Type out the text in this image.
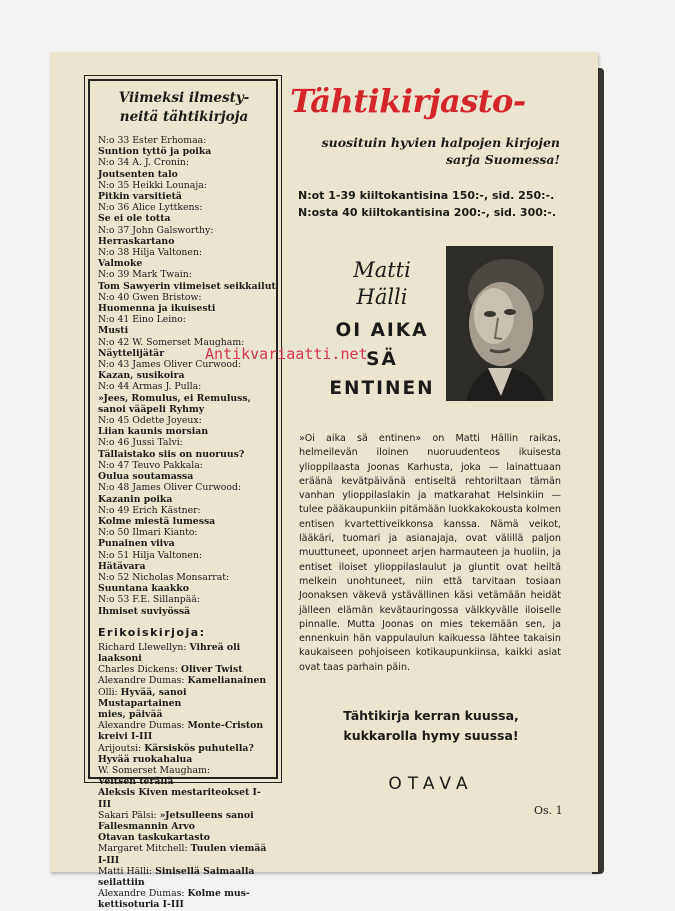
Viimeksi ilmesty-
neitä tähtikirjoja
N:o 33 Ester Erhomaa:
Suntion tyttö ja poika
N:o 34 A. J. Cronin:
Joutsenten talo
N:o 35 Heikki Lounaja:
Pitkin varsitietä
N:o 36 Alice Lyttkens:
Se ei ole totta
N:o 37 John Galsworthy:
Herraskartano
N:o 38 Hilja Valtonen:
Valmoke
N:o 39 Mark Twain:
Tom Sawyerin viimeiset seikkailut
N:o 40 Gwen Bristow:
Huomenna ja ikuisesti
N:o 41 Eino Leino:
Musti
N:o 42 W. Somerset Maugham:
Näyttelijätär
N:o 43 James Oliver Curwood:
Kazan, susikoira
N:o 44 Armas J. Pulla:
»Jees, Romulus, ei Remuluss,
sanoi vääpeli Ryhmy
N:o 45 Odette Joyeux:
Liian kaunis morsian
N:o 46 Jussi Talvi:
Tällaistako siis on nuoruus?
N:o 47 Teuvo Pakkala:
Oulua soutamassa
N:o 48 James Oliver Curwood:
Kazanin poika
N:o 49 Erich Kästner:
Kolme miestä lumessa
N:o 50 Ilmari Kianto:
Punainen viiva
N:o 51 Hilja Valtonen:
Hätävara
N:o 52 Nicholas Monsarrat:
Suuntana kaakko
N:o 53 F.E. Sillanpää:
Ihmiset suviyössä
Erikoiskirjoja:
Richard Llewellyn: Vihreä oli
laaksoni
Charles Dickens: Oliver Twist
Alexandre Dumas: Kamelianainen
Olli: Hyvää, sanoi Mustapartainen
mies, päivää
Alexandre Dumas: Monte-Criston
kreivi I-III
Arijoutsi: Kärsiskös puhutella?
Hyvää ruokahalua
W. Somerset Maugham:
Veitsen terällä
Aleksis Kiven mestariteokset I-III
Sakari Pälsi: »Jetsulleens sanoi
Fallesmannin Arvo
Otavan taskukartasto
Margaret Mitchell: Tuulen viemää
I-III
Matti Hälli: Sinisellä Saimaalla
seilattiin
Alexandre Dumas: Kolme mus-
kettisoturia I-III
Tähtikirjasto-
suosituin hyvien halpojen kirjojen
sarja Suomessa!
N:ot 1-39 kiiltokantisina 150:-, sid. 250:-.
N:osta 40 kiiltokantisina 200:-, sid. 300:-.
Matti
Hälli
OI AIKA
SÄ ENTINEN
»Oi aika sä entinen» on Matti Hällin raikas, helmeilevän iloinen nuoruudenteos ikuisesta ylioppilaasta Joonas Karhusta, joka — lainattuaan eräänä kevätpäivänä entiseltä rehtoriltaan tämän vanhan ylioppilaslakin ja matkarahat Helsinkiin — tulee pääkaupunkiin pitämään luokkakokousta kolmen entisen kvartettiveikkonsa kanssa. Nämä veikot, lääkäri, tuomari ja asianajaja, ovat välillä paljon muuttuneet, uponneet arjen harmauteen ja huoliin, ja entiset iloiset ylioppilaslaulut ja gluntit ovat heiltä melkein unohtuneet, niin että tarvitaan tosiaan Joonaksen väkevä ystävällinen käsi vetämään heidät jälleen elämän kevätauringossa välkkyvälle iloiselle pinnalle. Mutta Joonas on mies tekemään sen, ja ennenkuin hän vappulaulun kaikuessa lähtee takaisin kaukaiseen pohjoiseen kotikaupunkiinsa, kaikki asiat ovat taas parhain päin.
Tähtikirja kerran kuussa,
kukkarolla hymy suussa!
OTAVA
Os. 1
Antikvariaatti.net
